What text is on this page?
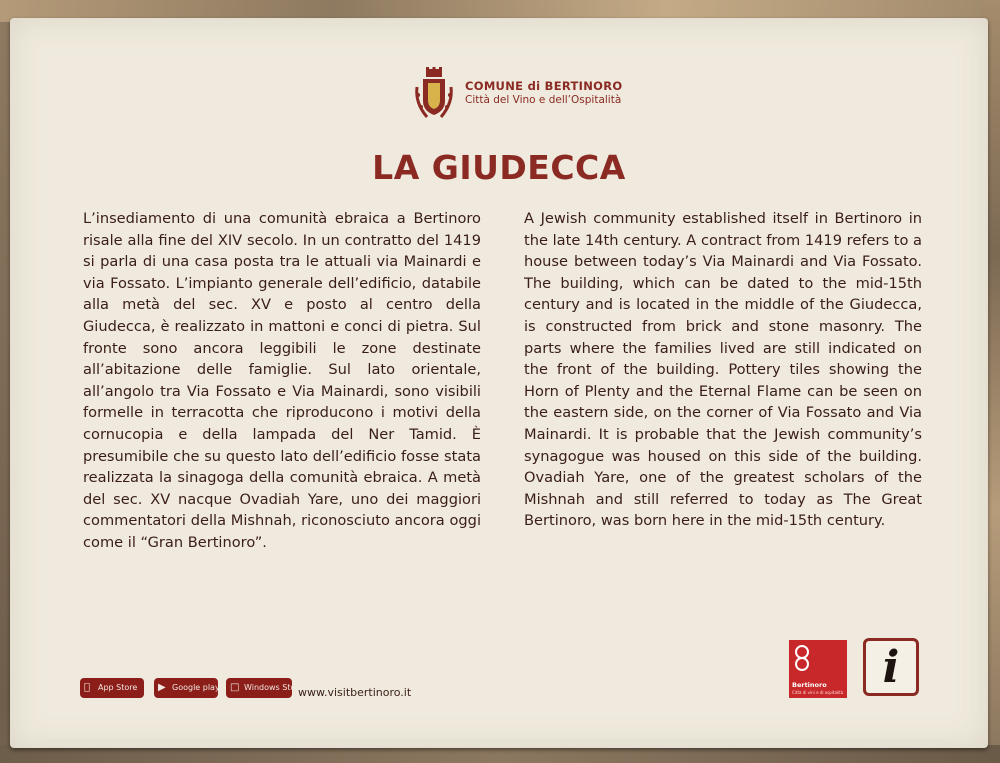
COMUNE di BERTINORO
Città del Vino e dell’Ospitalità
LA GIUDECCA
L’insediamento di una comunità ebraica a Bertinoro risale alla fine del XIV secolo. In un contratto del 1419 si parla di una casa posta tra le attuali via Mainardi e via Fossato. L’impianto generale dell’edificio, databile alla metà del sec. XV e posto al centro della Giudecca, è realizzato in mattoni e conci di pietra. Sul fronte sono ancora leggibili le zone destinate all’abitazione delle famiglie. Sul lato orientale, all’angolo tra Via Fossato e Via Mainardi, sono visibili formelle in terracotta che riproducono i motivi della cornucopia e della lampada del Ner Tamid. È presumibile che su questo lato dell’edificio fosse stata realizzata la sinagoga della comunità ebraica. A metà del sec. XV nacque Ovadiah Yare, uno dei maggiori commentatori della Mishnah, riconosciuto ancora oggi come il “Gran Bertinoro”.
A Jewish community established itself in Bertinoro in the late 14th century. A contract from 1419 refers to a house between today’s Via Mainardi and Via Fossato. The building, which can be dated to the mid-15th century and is located in the middle of the Giudecca, is constructed from brick and stone masonry. The parts where the families lived are still indicated on the front of the building. Pottery tiles showing the Horn of Plenty and the Eternal Flame can be seen on the eastern side, on the corner of Via Fossato and Via Mainardi. It is probable that the Jewish community’s synagogue was housed on this side of the building. Ovadiah Yare, one of the greatest scholars of the Mishnah and still referred to today as The Great Bertinoro, was born here in the mid-15th century.
App Store	▶ Google play □ Windows Store
www.visitbertinoro.it
Bertinoro
Città di vini e di ospitalità i
